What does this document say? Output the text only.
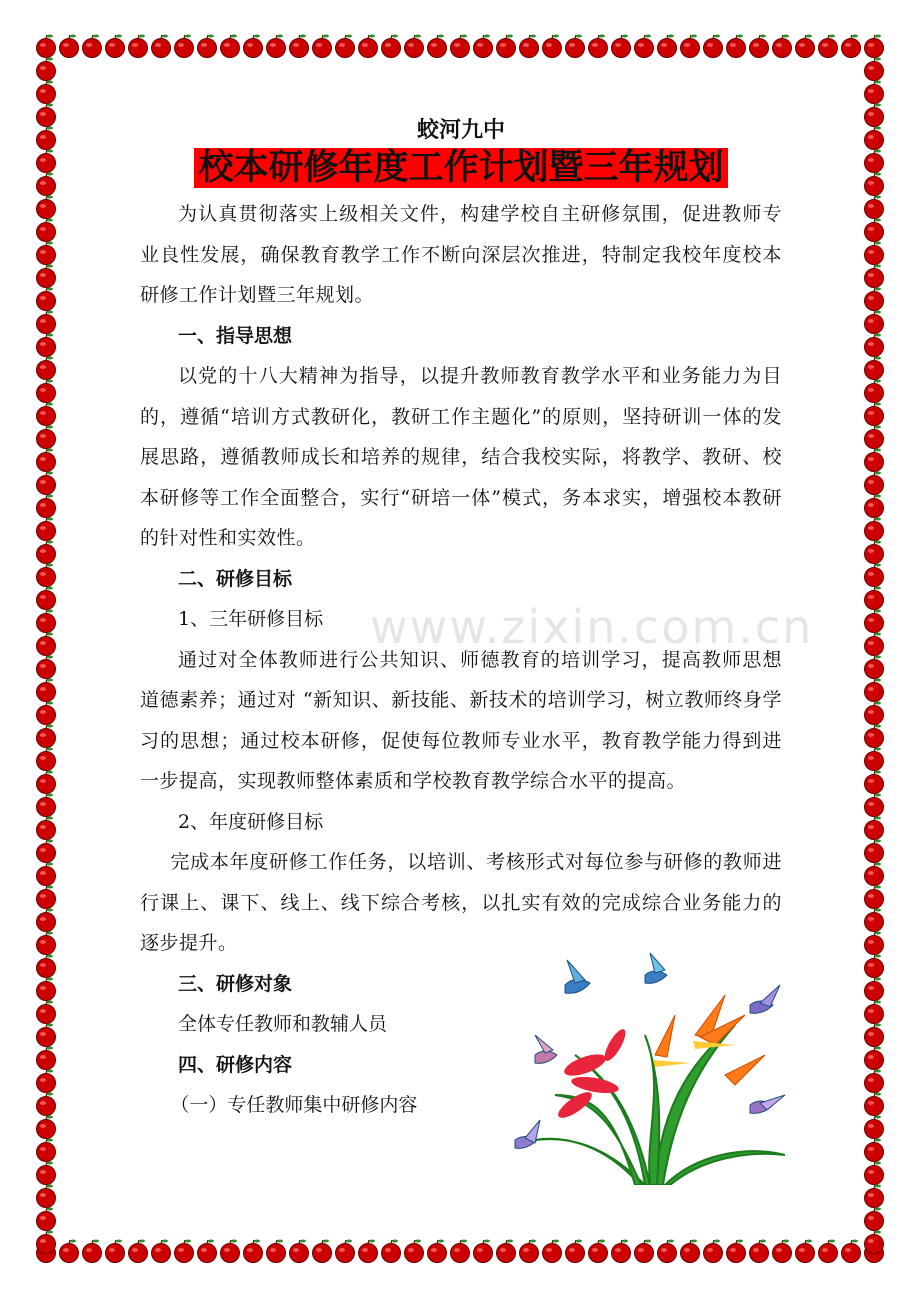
www.zixin.com.cn
蛟河九中
校本研修年度工作计划暨三年规划

为认真贯彻落实上级相关文件，构建学校自主研修氛围，促进教师专业良性发展，确保教育教学工作不断向深层次推进，特制定我校年度校本研修工作计划暨三年规划。

一、指导思想

以党的十八大精神为指导，以提升教师教育教学水平和业务能力为目的，遵循“培训方式教研化，教研工作主题化”的原则，坚持研训一体的发展思路，遵循教师成长和培养的规律，结合我校实际，将教学、教研、校本研修等工作全面整合，实行“研培一体”模式，务本求实，增强校本教研的针对性和实效性。

二、研修目标

1、三年研修目标

通过对全体教师进行公共知识、师德教育的培训学习，提高教师思想道德素养；通过对 “新知识、新技能、新技术的培训学习，树立教师终身学习的思想；通过校本研修，促使每位教师专业水平，教育教学能力得到进一步提高，实现教师整体素质和学校教育教学综合水平的提高。

2、年度研修目标

完成本年度研修工作任务，以培训、考核形式对每位参与研修的教师进行课上、课下、线上、线下综合考核，以扎实有效的完成综合业务能力的逐步提升。

三、研修对象

全体专任教师和教辅人员

四、研修内容

（一）专任教师集中研修内容
